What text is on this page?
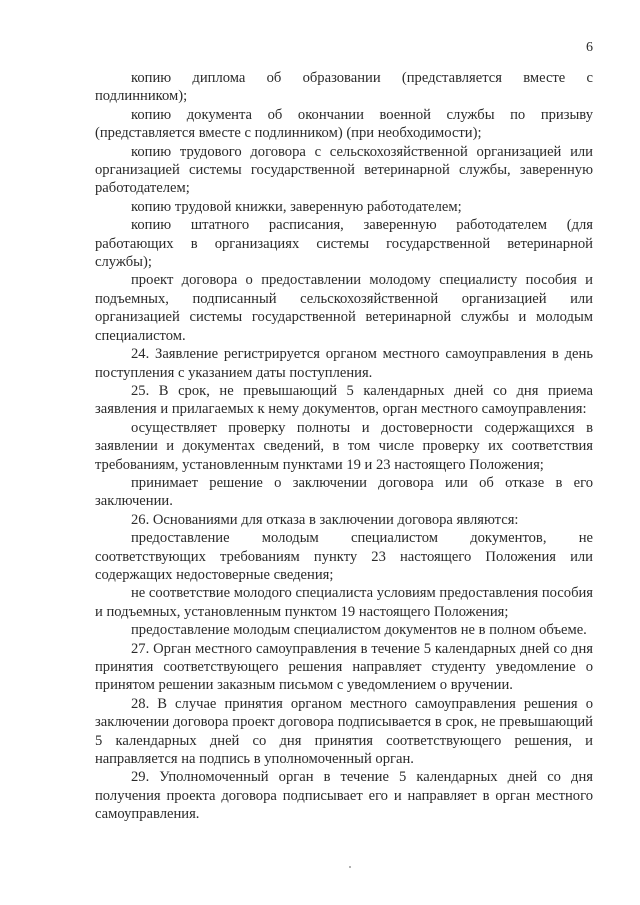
6

копию диплома об образовании (представляется вместе с подлинником);

копию документа об окончании военной службы по призыву (представляется вместе с подлинником) (при необходимости);

копию трудового договора с сельскохозяйственной организацией или организацией системы государственной ветеринарной службы, заверенную работодателем;

копию трудовой книжки, заверенную работодателем;

копию штатного расписания, заверенную работодателем (для работающих в организациях системы государственной ветеринарной службы);

проект договора о предоставлении молодому специалисту пособия и подъемных, подписанный сельскохозяйственной организацией или организацией системы государственной ветеринарной службы и молодым специалистом.

24. Заявление регистрируется органом местного самоуправления в день поступления с указанием даты поступления.

25. В срок, не превышающий 5 календарных дней со дня приема заявления и прилагаемых к нему документов, орган местного самоуправления:

осуществляет проверку полноты и достоверности содержащихся в заявлении и документах сведений, в том числе проверку их соответствия требованиям, установленным пунктами 19 и 23 настоящего Положения;

принимает решение о заключении договора или об отказе в его заключении.

26. Основаниями для отказа в заключении договора являются:

предоставление молодым специалистом документов, не соответствующих требованиям пункту 23 настоящего Положения или содержащих недостоверные сведения;

не соответствие молодого специалиста условиям предоставления пособия и подъемных, установленным пунктом 19 настоящего Положения;

предоставление молодым специалистом документов не в полном объеме.

27. Орган местного самоуправления в течение 5 календарных дней со дня принятия соответствующего решения направляет студенту уведомление о принятом решении заказным письмом с уведомлением о вручении.

28. В случае принятия органом местного самоуправления решения о заключении договора проект договора подписывается в срок, не превышающий 5 календарных дней со дня принятия соответствующего решения, и направляется на подпись в уполномоченный орган.

29. Уполномоченный орган в течение 5 календарных дней со дня получения проекта договора подписывает его и направляет в орган местного самоуправления.
